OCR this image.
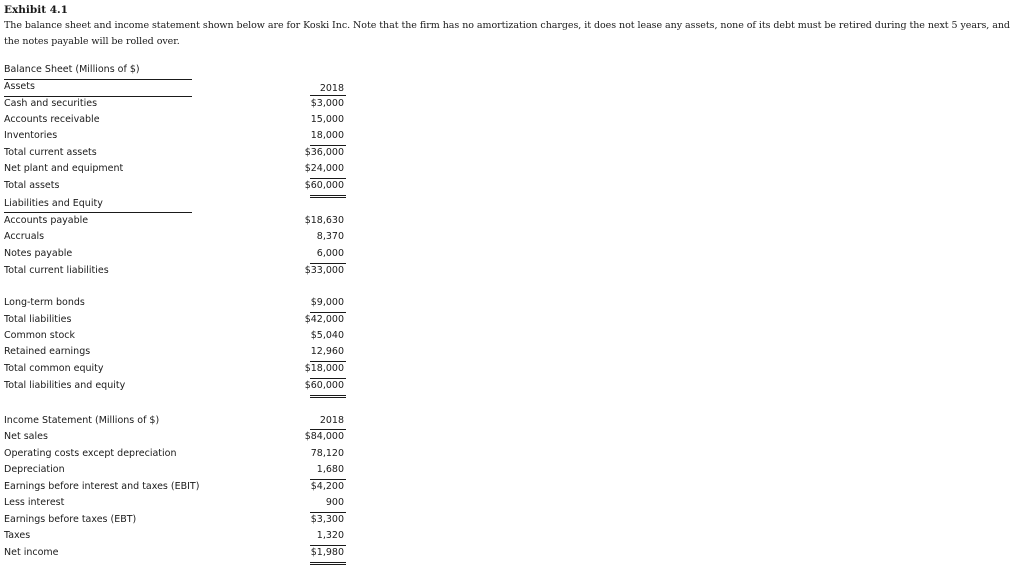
Exhibit 4.1

The balance sheet and income statement shown below are for Koski Inc. Note that the firm has no amortization charges, it does not lease any assets, none of its debt must be retired during the next 5 years, and the notes payable will be rolled over.

Balance Sheet (Millions of $)
Assets	2018
Cash and securities	$3,000
Accounts receivable	15,000
Inventories	18,000
Total current assets	$36,000
Net plant and equipment	$24,000
Total assets	$60,000
Liabilities and Equity
Accounts payable	$18,630
Accruals	8,370
Notes payable	6,000
Total current liabilities	$33,000
Long-term bonds	$9,000
Total liabilities	$42,000
Common stock	$5,040
Retained earnings	12,960
Total common equity	$18,000
Total liabilities and equity	$60,000
Income Statement (Millions of $)	2018
Net sales	$84,000
Operating costs except depreciation	78,120
Depreciation	1,680
Earnings before interest and taxes (EBIT)	$4,200
Less interest	900
Earnings before taxes (EBT)	$3,300
Taxes	1,320
Net income	$1,980
